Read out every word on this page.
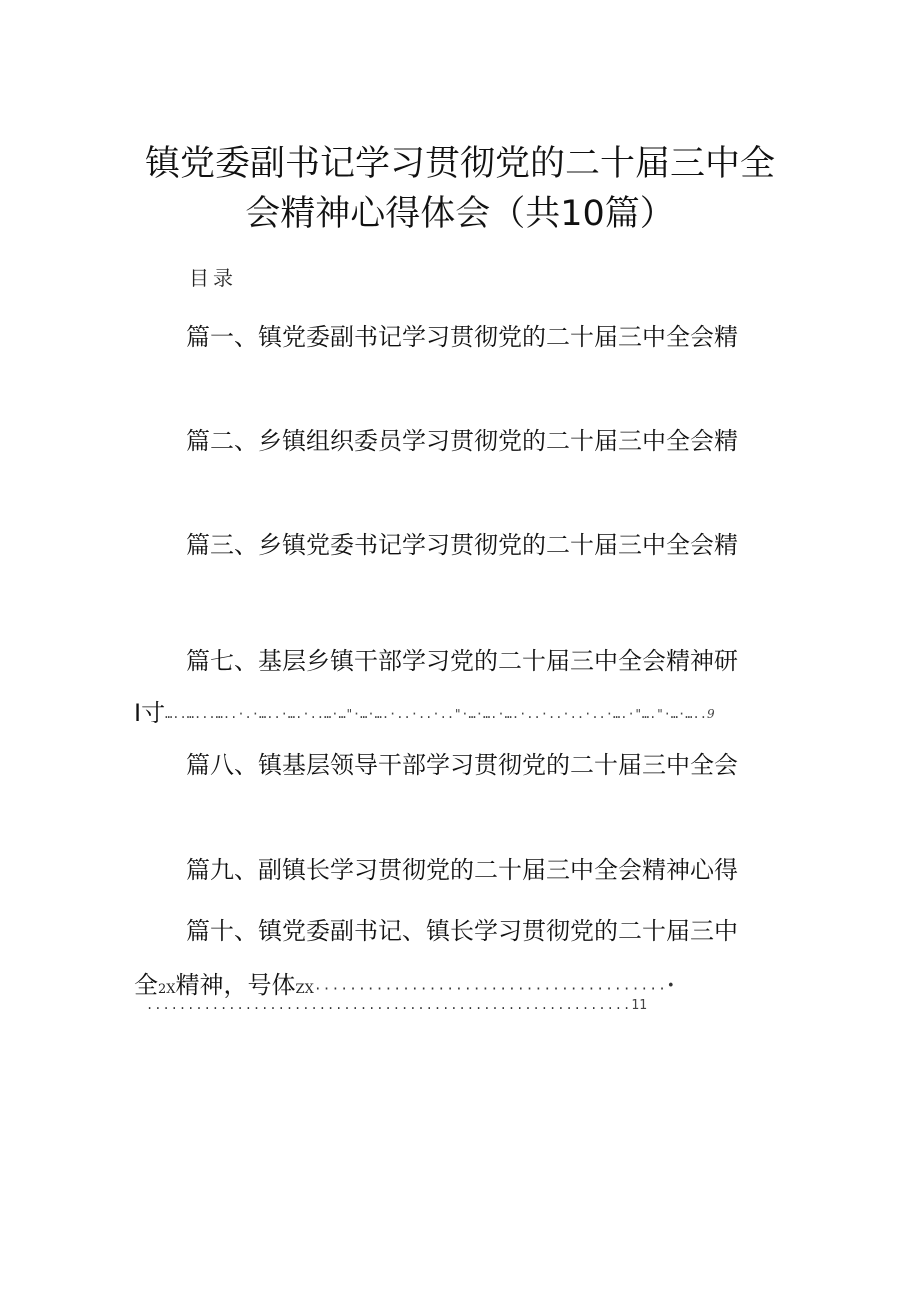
镇党委副书记学习贯彻党的二十届三中全
会精神心得体会（共10篇）
目录
篇一、镇党委副书记学习贯彻党的二十届三中全会精
篇二、乡镇组织委员学习贯彻党的二十届三中全会精
篇三、乡镇党委书记学习贯彻党的二十届三中全会精
篇七、基层乡镇干部学习党的二十届三中全会精神研
I寸…..…...…..·.·…..·….·..…·…"·…·….·..·..·.."·…·….·….·..·..·..·..·….·"…."·…·…..9
篇八、镇基层领导干部学习贯彻党的二十届三中全会
篇九、副镇长学习贯彻党的二十届三中全会精神心得
篇十、镇党委副书记、镇长学习贯彻党的二十届三中
全2X精神，号体ZX........................................•
...........................................................11
